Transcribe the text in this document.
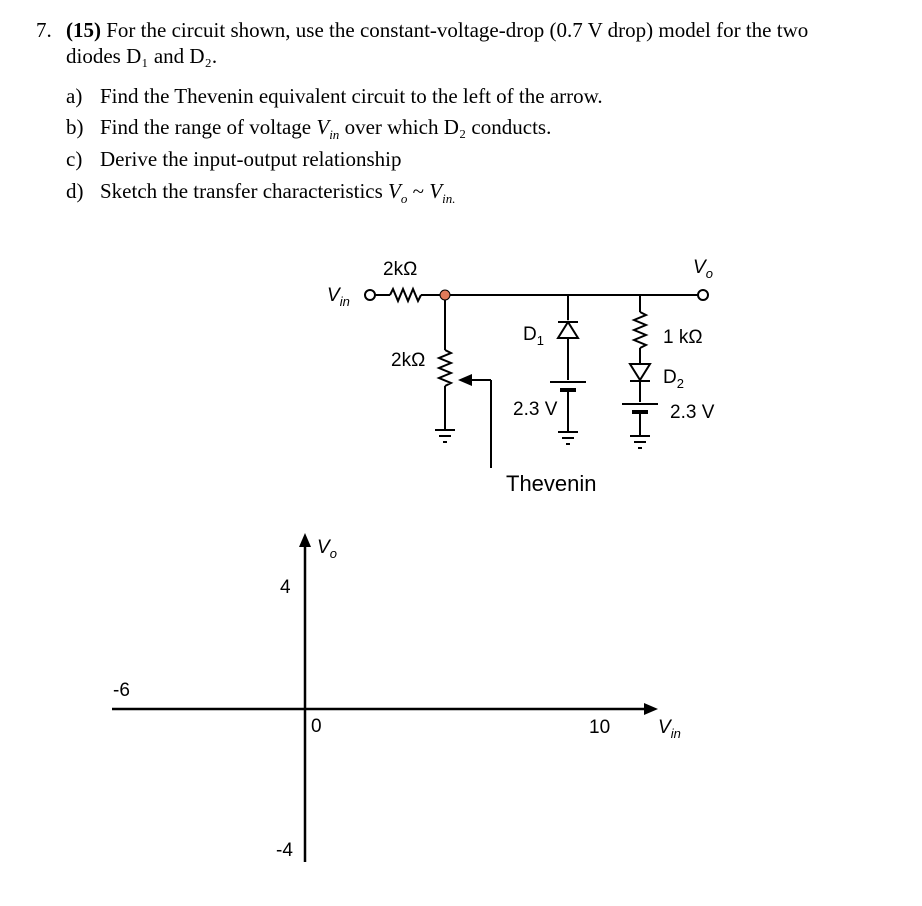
7. (15) For the circuit shown, use the constant-voltage-drop (0.7 V drop) model for the two
diodes D₁ and D₂.
a) Find the Thevenin equivalent circuit to the left of the arrow.
b) Find the range of voltage $V_{in}$ over which D₂ conducts.
c) Derive the input-output relationship
d) Sketch the transfer characteristics $V_o$ ~ $V_{in.}$
2kΩ
$V_{in}$
$V_o$
2kΩ
$D_1$	1 kΩ
$D_2$
2.3 V	2.3 V
Thevenin
$V_o$
$V_{in}$
4
-4
-6
0	10
